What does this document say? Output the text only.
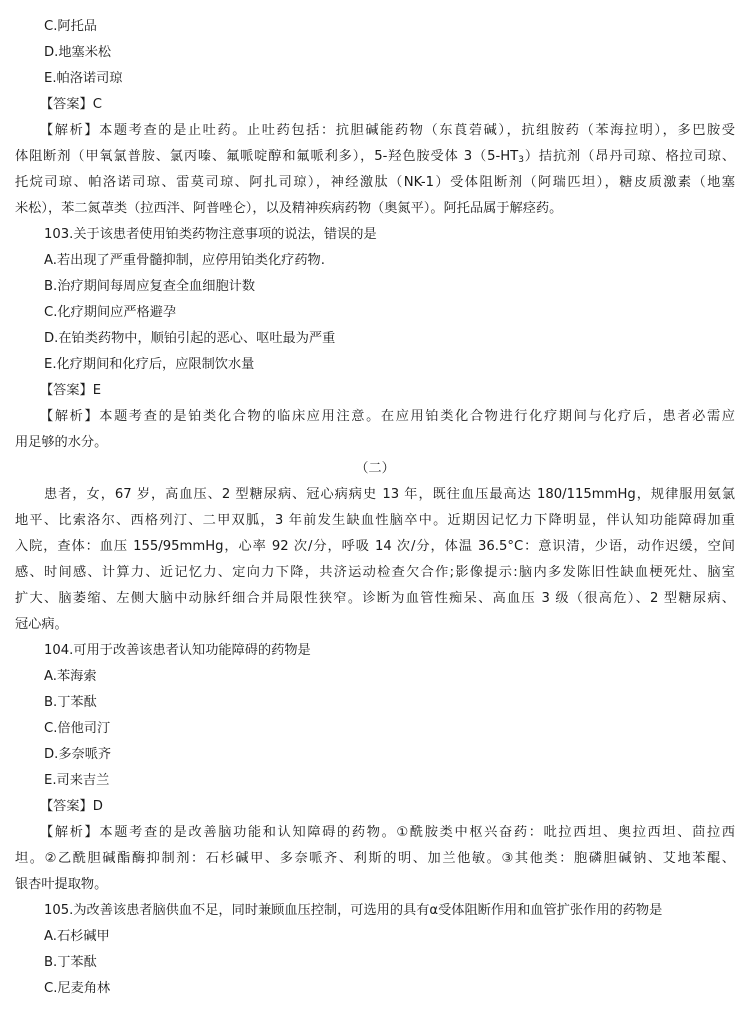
C.阿托品
D.地塞米松
E.帕洛诺司琼
【答案】C
【解析】本题考查的是止吐药。止吐药包括：抗胆碱能药物（东莨菪碱），抗组胺药（苯海拉明），多巴胺受
体阻断剂（甲氧氯普胺、氯丙嗪、氟哌啶醇和氟哌利多），5-羟色胺受体 $3(5-HT_3)$拮抗剂（昂丹司琼、格拉司琼、
托烷司琼、帕洛诺司琼、雷莫司琼、阿扎司琼），神经激肽（NK-1）受体阻断剂（阿瑞匹坦），糖皮质激素（地塞
米松），苯二氮䓬类（拉西泮、阿普唑仑），以及精神疾病药物（奥氮平）。阿托品属于解痉药。
103.关于该患者使用铂类药物注意事项的说法，错误的是
A.若出现了严重骨髓抑制，应停用铂类化疗药物.
B.治疗期间每周应复查全血细胞计数
C.化疗期间应严格避孕
D.在铂类药物中，顺铂引起的恶心、呕吐最为严重
E.化疗期间和化疗后，应限制饮水量
【答案】E
【解析】本题考查的是铂类化合物的临床应用注意。在应用铂类化合物进行化疗期间与化疗后，患者必需应
用足够的水分。
（二）
患者，女，67 岁，高血压、2 型糖尿病、冠心病病史 13 年，既往血压最高达 180/115mmHg，规律服用氨氯
地平、比索洛尔、西格列汀、二甲双胍，3 年前发生缺血性脑卒中。近期因记忆力下降明显，伴认知功能障碍加重
入院，查体：血压 155/95mmHg，心率 92 次/分，呼吸 14 次/分，体温 36.5°C：意识清，少语，动作迟缓，空间
感、时间感、计算力、近记忆力、定向力下降，共济运动检查欠合作;影像提示:脑内多发陈旧性缺血梗死灶、脑室
扩大、脑萎缩、左侧大脑中动脉纤细合并局限性狭窄。诊断为血管性痴呆、高血压 3 级（很高危）、2 型糖尿病、
冠心病。
104.可用于改善该患者认知功能障碍的药物是
A.苯海索
B.丁苯酞
C.倍他司汀
D.多奈哌齐
E.司来吉兰
【答案】D
【解析】本题考查的是改善脑功能和认知障碍的药物。①酰胺类中枢兴奋药：吡拉西坦、奥拉西坦、茴拉西
坦。②乙酰胆碱酯酶抑制剂：石杉碱甲、多奈哌齐、利斯的明、加兰他敏。③其他类：胞磷胆碱钠、艾地苯醌、
银杏叶提取物。
105.为改善该患者脑供血不足，同时兼顾血压控制，可选用的具有α受体阻断作用和血管扩张作用的药物是
A.石杉碱甲
B.丁苯酞
C.尼麦角林
